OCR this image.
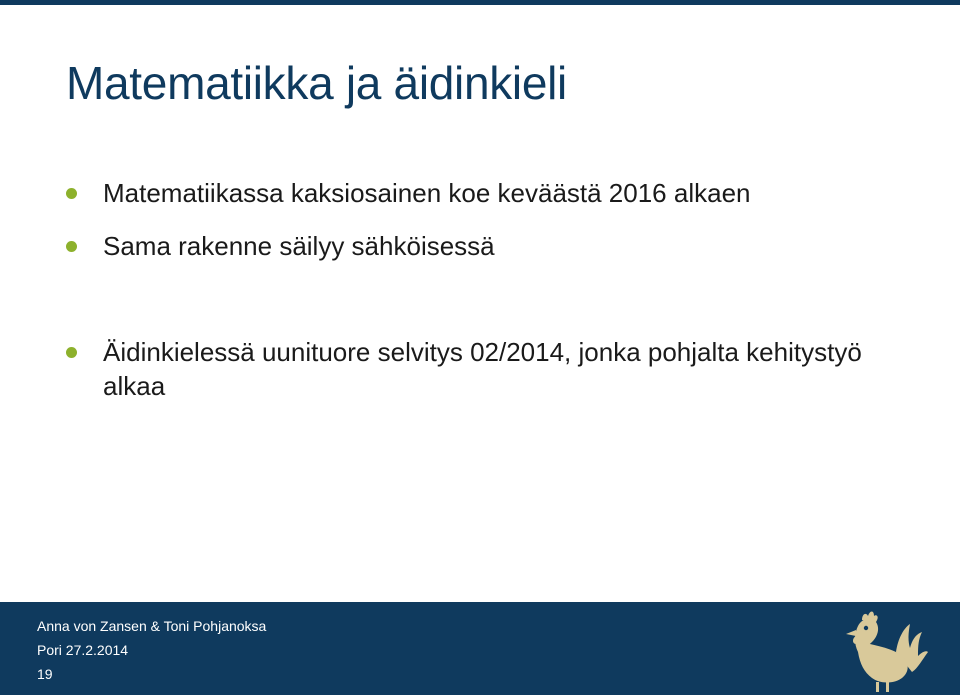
Matematiikka ja äidinkieli
Matematiikassa kaksiosainen koe keväästä 2016 alkaen
Sama rakenne säilyy sähköisessä
Äidinkielessä uunituore selvitys 02/2014, jonka pohjalta kehitystyö alkaa
Anna von Zansen & Toni Pohjanoksa
Pori 27.2.2014
19
